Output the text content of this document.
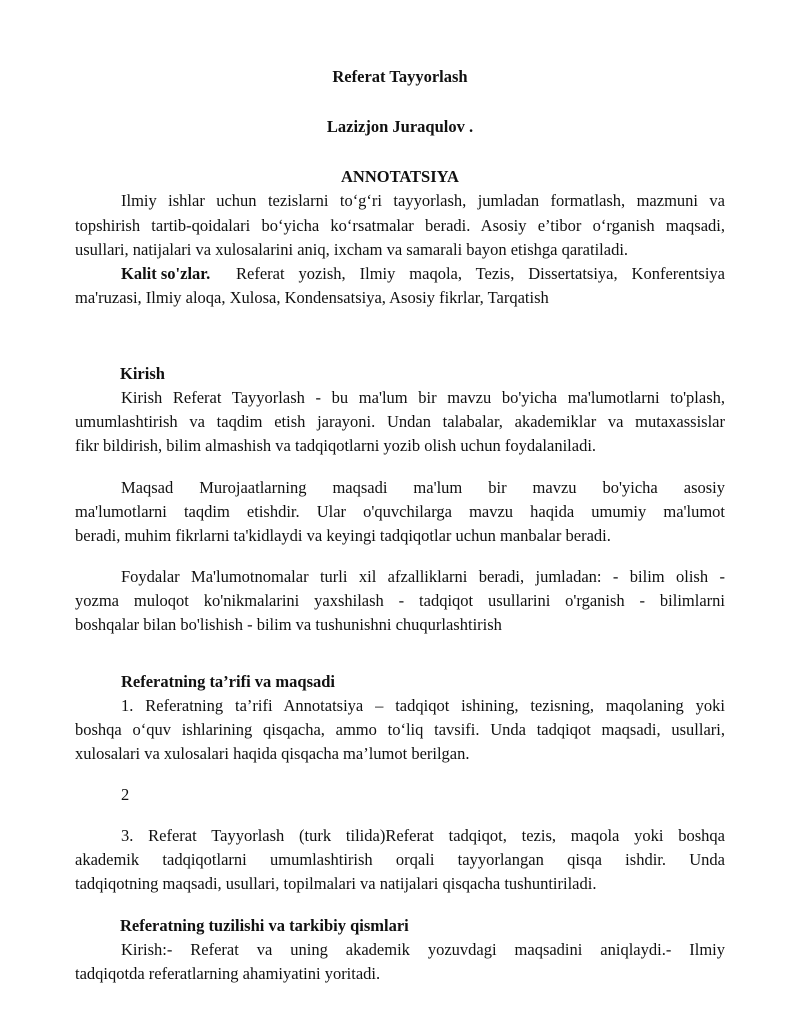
Referat Tayyorlash
Lazizjon Juraqulov .
ANNOTATSIYA
Ilmiy ishlar uchun tezislarni to‘g‘ri tayyorlash, jumladan formatlash, mazmuni va
topshirish tartib-qoidalari bo‘yicha ko‘rsatmalar beradi. Asosiy e’tibor o‘rganish maqsadi,
usullari, natijalari va xulosalarini aniq, ixcham va samarali bayon etishga qaratiladi.
Kalit so'zlar. Referat yozish, Ilmiy maqola, Tezis, Dissertatsiya, Konferentsiya
ma'ruzasi, Ilmiy aloqa, Xulosa, Kondensatsiya, Asosiy fikrlar, Tarqatish
Kirish
Kirish Referat Tayyorlash - bu ma'lum bir mavzu bo'yicha ma'lumotlarni to'plash,
umumlashtirish va taqdim etish jarayoni. Undan talabalar, akademiklar va mutaxassislar
fikr bildirish, bilim almashish va tadqiqotlarni yozib olish uchun foydalaniladi.
Maqsad Murojaatlarning maqsadi ma'lum bir mavzu bo'yicha asosiy
ma'lumotlarni taqdim etishdir. Ular o'quvchilarga mavzu haqida umumiy ma'lumot
beradi, muhim fikrlarni ta'kidlaydi va keyingi tadqiqotlar uchun manbalar beradi.
Foydalar Ma'lumotnomalar turli xil afzalliklarni beradi, jumladan: - bilim olish -
yozma muloqot ko'nikmalarini yaxshilash - tadqiqot usullarini o'rganish - bilimlarni
boshqalar bilan bo'lishish - bilim va tushunishni chuqurlashtirish
Referatning ta’rifi va maqsadi
1. Referatning ta’rifi Annotatsiya – tadqiqot ishining, tezisning, maqolaning yoki
boshqa o‘quv ishlarining qisqacha, ammo to‘liq tavsifi. Unda tadqiqot maqsadi, usullari,
xulosalari va xulosalari haqida qisqacha ma’lumot berilgan.
2
3. Referat Tayyorlash (turk tilida)Referat tadqiqot, tezis, maqola yoki boshqa
akademik tadqiqotlarni umumlashtirish orqali tayyorlangan qisqa ishdir. Unda
tadqiqotning maqsadi, usullari, topilmalari va natijalari qisqacha tushuntiriladi.
Referatning tuzilishi va tarkibiy qismlari
Kirish:- Referat va uning akademik yozuvdagi maqsadini aniqlaydi.- Ilmiy
tadqiqotda referatlarning ahamiyatini yoritadi.
